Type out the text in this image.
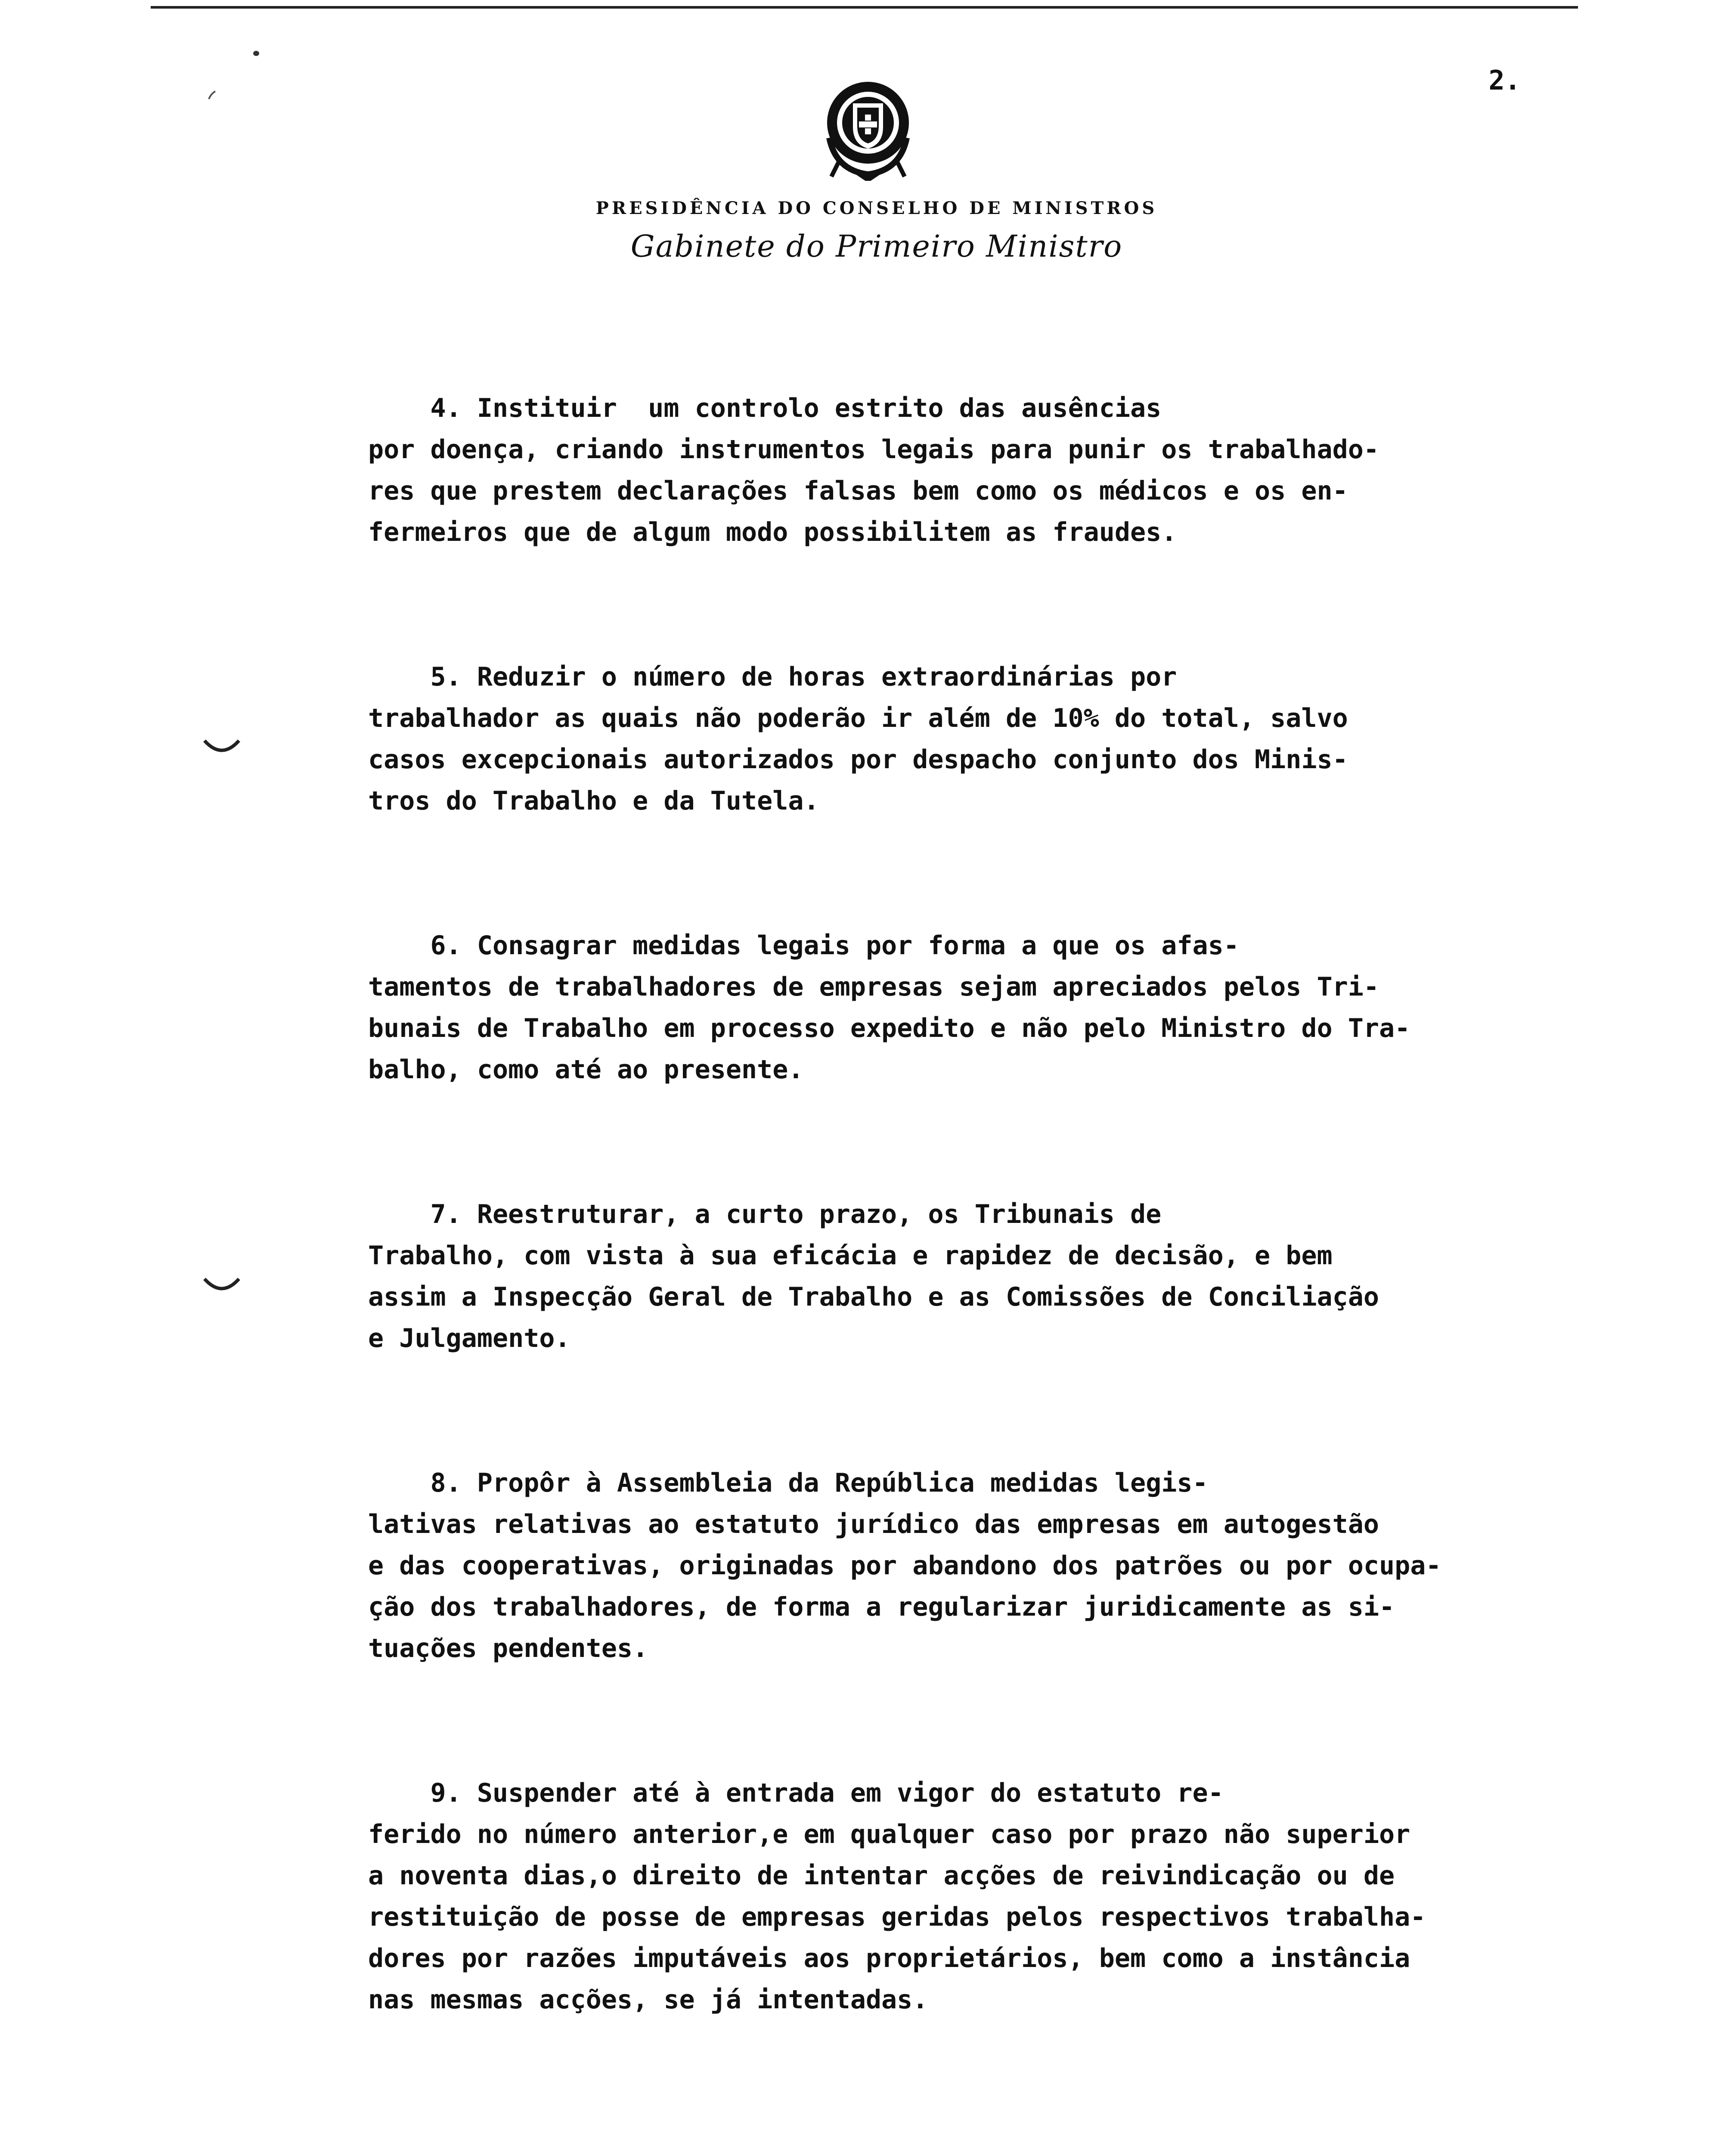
2.
PRESIDÊNCIA DO CONSELHO DE MINISTROS
Gabinete do Primeiro Ministro
4. Instituir  um controlo estrito das ausências
por doença, criando instrumentos legais para punir os trabalhado-
res que prestem declarações falsas bem como os médicos e os en-
fermeiros que de algum modo possibilitem as fraudes.
5. Reduzir o número de horas extraordinárias por
trabalhador as quais não poderão ir além de 10% do total, salvo
casos excepcionais autorizados por despacho conjunto dos Minis-
tros do Trabalho e da Tutela.
6. Consagrar medidas legais por forma a que os afas-
tamentos de trabalhadores de empresas sejam apreciados pelos Tri-
bunais de Trabalho em processo expedito e não pelo Ministro do Tra-
balho, como até ao presente.
7. Reestruturar, a curto prazo, os Tribunais de
Trabalho, com vista à sua eficácia e rapidez de decisão, e bem
assim a Inspecção Geral de Trabalho e as Comissões de Conciliação
e Julgamento.
8. Propôr à Assembleia da República medidas legis-
lativas relativas ao estatuto jurídico das empresas em autogestão
e das cooperativas, originadas por abandono dos patrões ou por ocupa-
ção dos trabalhadores, de forma a regularizar juridicamente as si-
tuações pendentes.
9. Suspender até à entrada em vigor do estatuto re-
ferido no número anterior,e em qualquer caso por prazo não superior
a noventa dias,o direito de intentar acções de reivindicação ou de
restituição de posse de empresas geridas pelos respectivos trabalha-
dores por razões imputáveis aos proprietários, bem como a instância
nas mesmas acções, se já intentadas.
